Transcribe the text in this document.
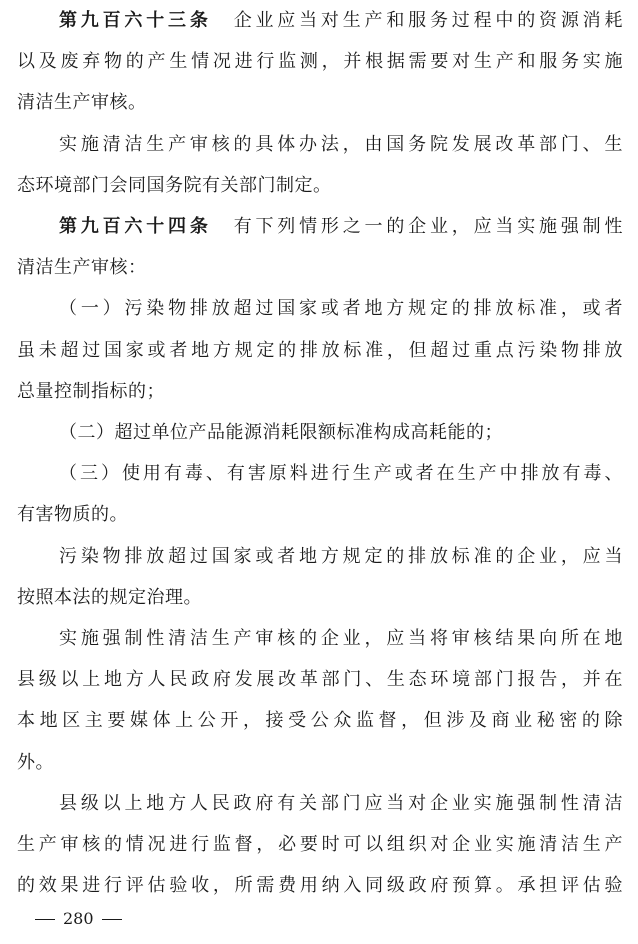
第九百六十三条 企业应当对生产和服务过程中的资源消耗
以及废弃物的产生情况进行监测，并根据需要对生产和服务实施
清洁生产审核。
实施清洁生产审核的具体办法，由国务院发展改革部门、生
态环境部门会同国务院有关部门制定。
第九百六十四条 有下列情形之一的企业，应当实施强制性
清洁生产审核：
（一）污染物排放超过国家或者地方规定的排放标准，或者
虽未超过国家或者地方规定的排放标准，但超过重点污染物排放
总量控制指标的；
（二）超过单位产品能源消耗限额标准构成高耗能的；
（三）使用有毒、有害原料进行生产或者在生产中排放有毒、
有害物质的。
污染物排放超过国家或者地方规定的排放标准的企业，应当
按照本法的规定治理。
实施强制性清洁生产审核的企业，应当将审核结果向所在地
县级以上地方人民政府发展改革部门、生态环境部门报告，并在
本地区主要媒体上公开，接受公众监督，但涉及商业秘密的除
外。
县级以上地方人民政府有关部门应当对企业实施强制性清洁
生产审核的情况进行监督，必要时可以组织对企业实施清洁生产
的效果进行评估验收，所需费用纳入同级政府预算。承担评估验
280
